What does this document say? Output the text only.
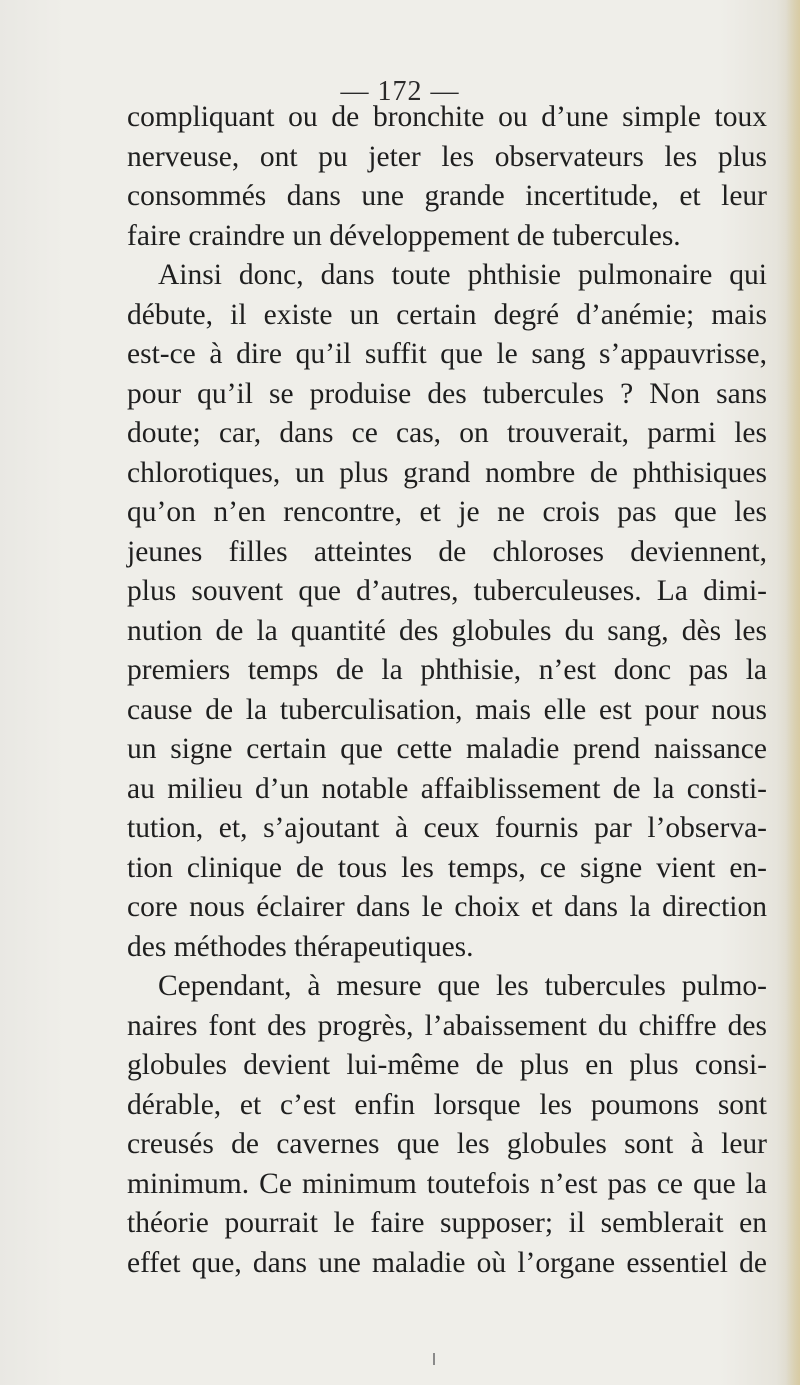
— 172 —
compliquant ou de bronchite ou d’une simple toux
nerveuse, ont pu jeter les observateurs les plus
consommés dans une grande incertitude, et leur
faire craindre un développement de tubercules.
Ainsi donc, dans toute phthisie pulmonaire qui
débute, il existe un certain degré d’anémie; mais
est-ce à dire qu’il suffit que le sang s’appauvrisse,
pour qu’il se produise des tubercules ? Non sans
doute; car, dans ce cas, on trouverait, parmi les
chlorotiques, un plus grand nombre de phthisiques
qu’on n’en rencontre, et je ne crois pas que les
jeunes filles atteintes de chloroses deviennent,
plus souvent que d’autres, tuberculeuses. La dimi-
nution de la quantité des globules du sang, dès les
premiers temps de la phthisie, n’est donc pas la
cause de la tuberculisation, mais elle est pour nous
un signe certain que cette maladie prend naissance
au milieu d’un notable affaiblissement de la consti-
tution, et, s’ajoutant à ceux fournis par l’observa-
tion clinique de tous les temps, ce signe vient en-
core nous éclairer dans le choix et dans la direction
des méthodes thérapeutiques.
Cependant, à mesure que les tubercules pulmo-
naires font des progrès, l’abaissement du chiffre des
globules devient lui-même de plus en plus consi-
dérable, et c’est enfin lorsque les poumons sont
creusés de cavernes que les globules sont à leur
minimum. Ce minimum toutefois n’est pas ce que la
théorie pourrait le faire supposer; il semblerait en
effet que, dans une maladie où l’organe essentiel de
